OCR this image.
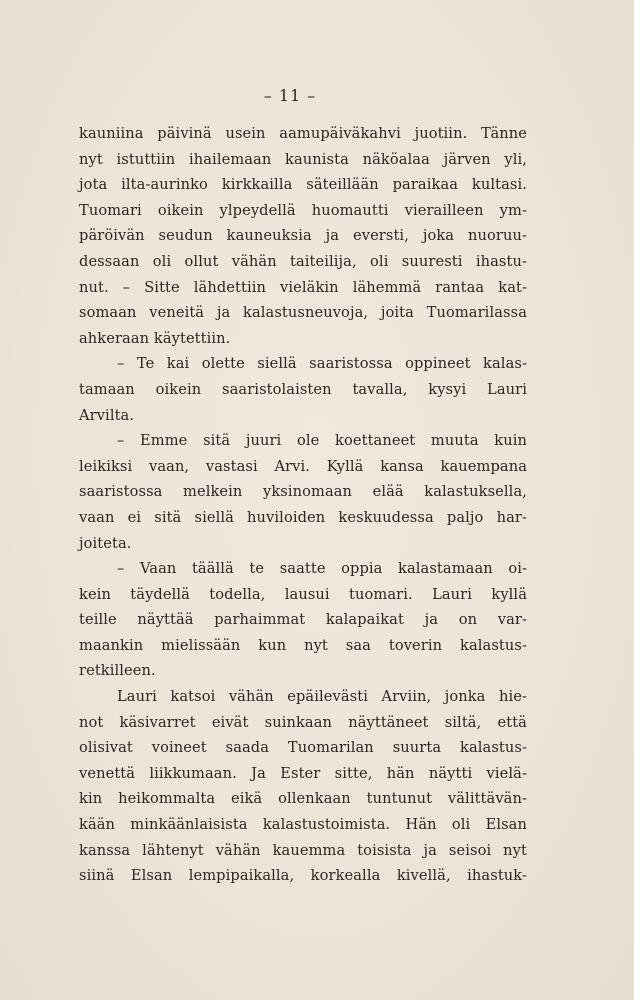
– 11 –
kauniina päivinä usein aamupäiväkahvi juotiin. Tänne
nyt istuttiin ihailemaan kaunista näköalaa järven yli,
jota ilta-aurinko kirkkailla säteillään paraikaa kultasi.
Tuomari oikein ylpeydellä huomautti vierailleen ym-
päröivän seudun kauneuksia ja eversti, joka nuoruu-
dessaan oli ollut vähän taiteilija, oli suuresti ihastu-
nut. – Sitte lähdettiin vieläkin lähemmä rantaa kat-
somaan veneitä ja kalastusneuvoja, joita Tuomarilassa
ahkeraan käytettiin.
– Te kai olette siellä saaristossa oppineet kalas-
tamaan oikein saaristolaisten tavalla, kysyi Lauri
Arvilta.
– Emme sitä juuri ole koettaneet muuta kuin
leikiksi vaan, vastasi Arvi. Kyllä kansa kauempana
saaristossa melkein yksinomaan elää kalastuksella,
vaan ei sitä siellä huviloiden keskuudessa paljo har-
joiteta.
– Vaan täällä te saatte oppia kalastamaan oi-
kein täydellä todella, lausui tuomari. Lauri kyllä
teille näyttää parhaimmat kalapaikat ja on var-
maankin mielissään kun nyt saa toverin kalastus-
retkilleen.
Lauri katsoi vähän epäilevästi Arviin, jonka hie-
not käsivarret eivät suinkaan näyttäneet siltä, että
olisivat voineet saada Tuomarilan suurta kalastus-
venettä liikkumaan. Ja Ester sitte, hän näytti vielä-
kin heikommalta eikä ollenkaan tuntunut välittävän-
kään minkäänlaisista kalastustoimista. Hän oli Elsan
kanssa lähtenyt vähän kauemma toisista ja seisoi nyt
siinä Elsan lempipaikalla, korkealla kivellä, ihastuk-
